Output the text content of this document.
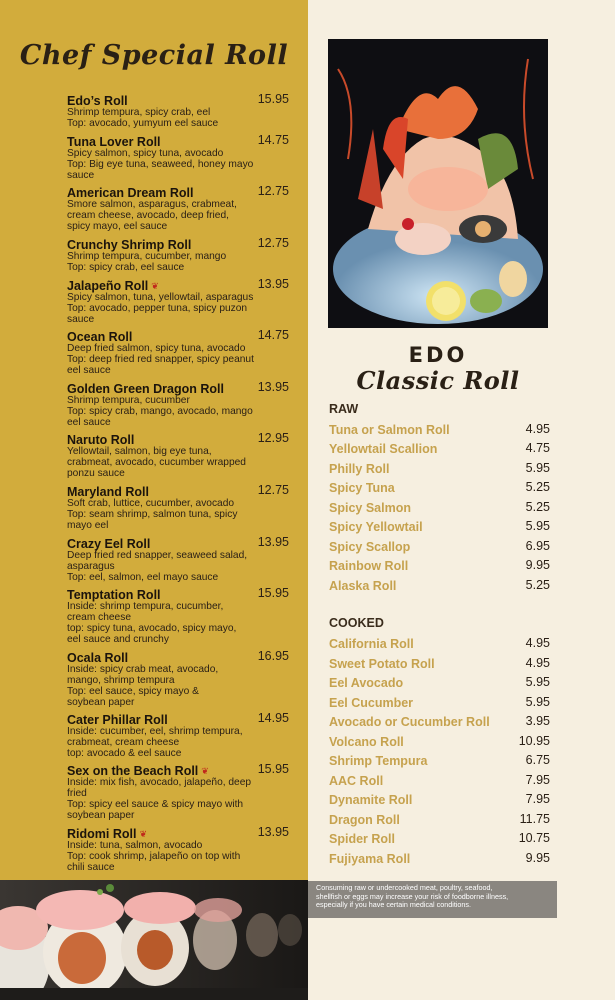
Chef Special Roll
Edo’s Roll	15.95
Shrimp tempura, spicy crab, eel
Top: avocado, yumyum eel sauce
Tuna Lover Roll	14.75
Spicy salmon, spicy tuna, avocado
Top: Big eye tuna, seaweed, honey mayo
sauce
American Dream Roll	12.75
Smore salmon, asparagus, crabmeat,
cream cheese, avocado, deep fried,
spicy mayo, eel sauce
Crunchy Shrimp Roll	12.75
Shrimp tempura, cucumber, mango
Top: spicy crab, eel sauce
Jalapeño Roll ❦	13.95
Spicy salmon, tuna, yellowtail, asparagus
Top: avocado, pepper tuna, spicy puzon
sauce
Ocean Roll	14.75
Deep fried salmon, spicy tuna, avocado
Top: deep fried red snapper, spicy peanut
eel sauce
Golden Green Dragon Roll	13.95
Shrimp tempura, cucumber
Top: spicy crab, mango, avocado, mango
eel sauce
Naruto Roll	12.95
Yellowtail, salmon, big eye tuna,
crabmeat, avocado, cucumber wrapped
ponzu sauce
Maryland Roll	12.75
Soft crab, luttice, cucumber, avocado
Top: seam shrimp, salmon tuna, spicy
mayo eel
Crazy Eel Roll	13.95
Deep fried red snapper, seaweed salad,
asparagus
Top: eel, salmon, eel mayo sauce
Temptation Roll	15.95
Inside: shrimp tempura, cucumber,
cream cheese
top: spicy tuna, avocado, spicy mayo,
eel sauce and crunchy
Ocala Roll	16.95
Inside: spicy crab meat, avocado,
mango, shrimp tempura
Top: eel sauce, spicy mayo &
soybean paper
Cater Phillar Roll	14.95
Inside: cucumber, eel, shrimp tempura,
crabmeat, cream cheese
top: avocado & eel sauce
Sex on the Beach Roll ❦	15.95
Inside: mix fish, avocado, jalapeño, deep
fried
Top: spicy eel sauce & spicy mayo with
soybean paper
Ridomi Roll ❦	13.95
Inside: tuna, salmon, avocado
Top: cook shrimp, jalapeño on top with
chili sauce
EDO
Classic Roll
RAW
Tuna or Salmon Roll	4.95
Yellowtail Scallion	4.75
Philly Roll	5.95
Spicy Tuna	5.25
Spicy Salmon	5.25
Spicy Yellowtail	5.95
Spicy Scallop	6.95
Rainbow Roll	9.95
Alaska Roll	5.25
COOKED
California Roll	4.95
Sweet Potato Roll	4.95
Eel Avocado	5.95
Eel Cucumber	5.95
Avocado or Cucumber Roll	3.95
Volcano Roll	10.95
Shrimp Tempura	6.75
AAC Roll	7.95
Dynamite Roll	7.95
Dragon Roll	11.75
Spider Roll	10.75
Fujiyama Roll	9.95
Consuming raw or undercooked meat, poultry, seafood,
shellfish or eggs may increase your risk of foodborne illness,
especially if you have certain medical conditions.
